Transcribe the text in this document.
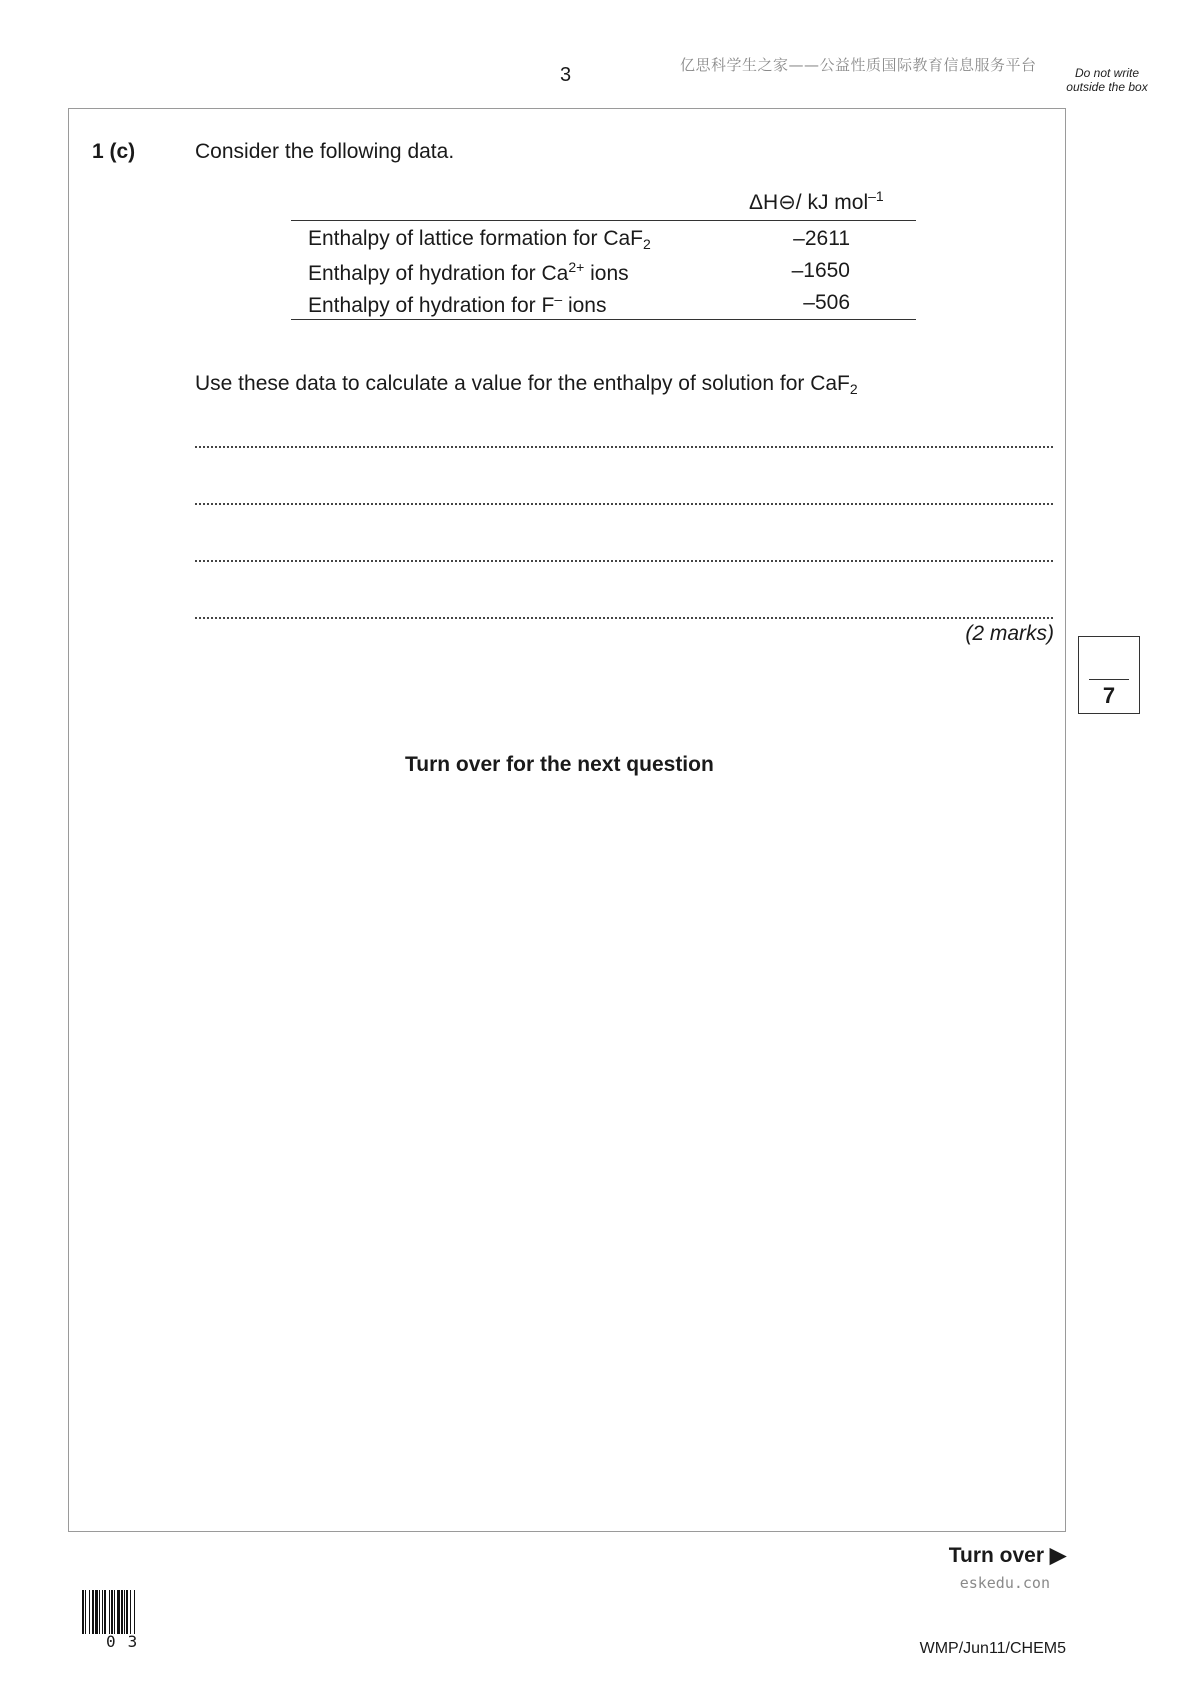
3	亿思科学生之家——公益性质国际教育信息服务平台	Do not write outside the box
1 (c)	Consider the following data.
ΔH⊖/ kJ mol$^{-1}$
Enthalpy of lattice formation for CaF$_2$	–2611
Enthalpy of hydration for $Ca^{2+}$ ions	–1650
Enthalpy of hydration for F– ions	–506
Use these data to calculate a value for the enthalpy of solution for CaF$_2$
(2 marks)
7
Turn over for the next question
Turn over ▶
eskedu.con
03	WMP/Jun11/CHEM5
